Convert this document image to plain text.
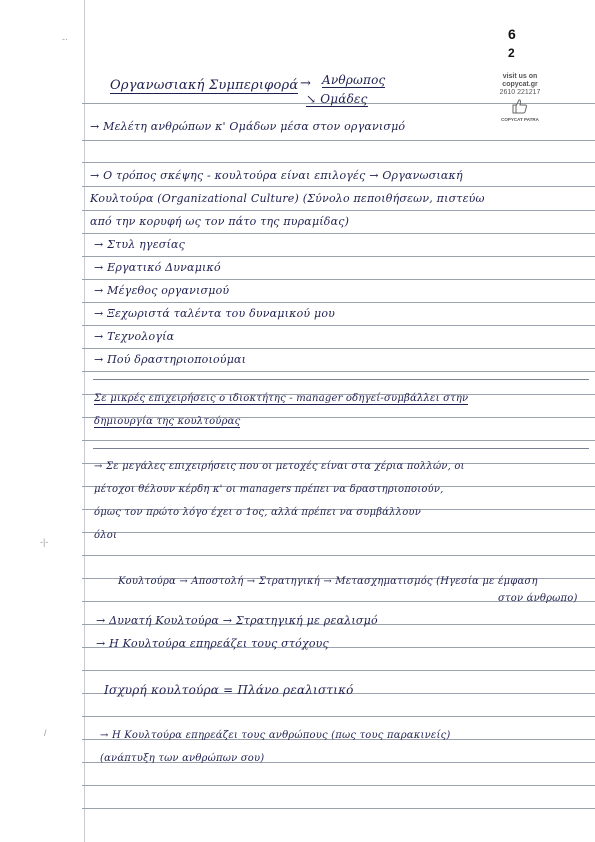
-·
-|-
/
6
2
visit us on
copycat.gr
2610 221217
COPYCAT PATRA
Οργανωσιακή Συμπεριφορά → Ανθρωπος
↘ Ομάδες
→ Μελέτη ανθρώπων κ' Ομάδων μέσα στον οργανισμό
→ Ο τρόπος σκέψης - κουλτούρα είναι επιλογές → Οργανωσιακή
Κουλτούρα (Organizational Culture) (Σύνολο πεποιθήσεων, πιστεύω
από την κορυφή ως τον πάτο της πυραμίδας)
→ Στυλ ηγεσίας
→ Εργατικό Δυναμικό
→ Μέγεθος οργανισμού
→ Ξεχωριστά ταλέντα του δυναμικού μου
→ Τεχνολογία
→ Πού δραστηριοποιούμαι
Σε μικρές επιχειρήσεις ο ιδιοκτήτης - manager οδηγεί-συμβάλλει στην
δημιουργία της κουλτούρας
→ Σε μεγάλες επιχειρήσεις που οι μετοχές είναι στα χέρια πολλών, οι
μέτοχοι θέλουν κέρδη κ' οι managers πρέπει να δραστηριοποιούν,
όμως τον πρώτο λόγο έχει ο 1ος, αλλά πρέπει να συμβάλλουν
όλοι
Κουλτούρα → Αποστολή → Στρατηγική → Μετασχηματισμός (Ηγεσία με έμφαση
στον άνθρωπο)
→ Δυνατή Κουλτούρα → Στρατηγική με ρεαλισμό
→ Η Κουλτούρα επηρεάζει τους στόχους
Ισχυρή κουλτούρα = Πλάνο ρεαλιστικό
→ Η Κουλτούρα επηρεάζει τους ανθρώπους (πως τους παρακινείς)
(ανάπτυξη των ανθρώπων σου)
